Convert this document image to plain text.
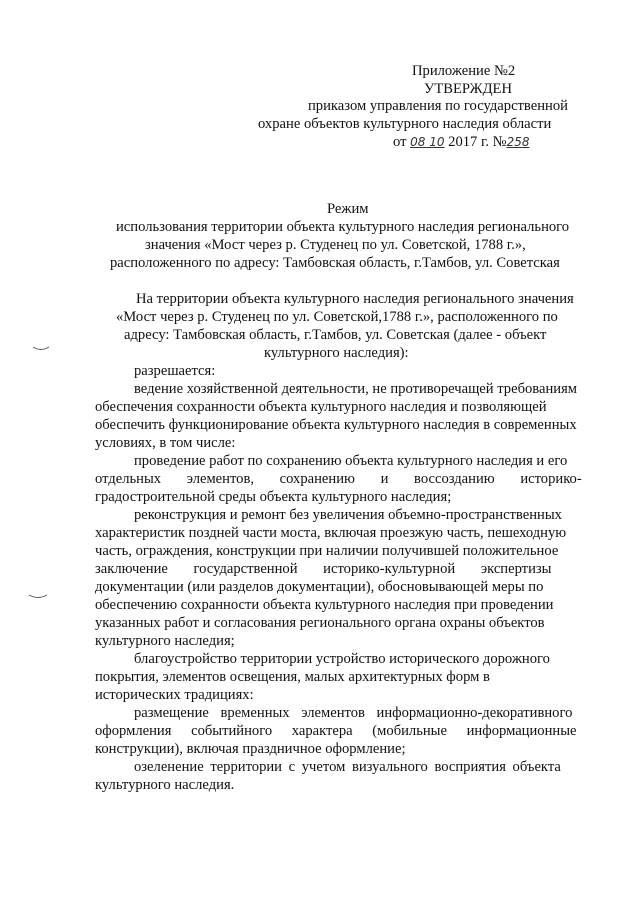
Приложение №2
УТВЕРЖДЕН
приказом управления по государственной
охране объектов культурного наследия области
от 08 10 2017 г. №258
Режим
использования территории объекта культурного наследия регионального
значения «Мост через р. Студенец по ул. Советской, 1788 г.»,
расположенного по адресу: Тамбовская область, г.Тамбов, ул. Советская
На территории объекта культурного наследия регионального значения
«Мост через р. Студенец по ул. Советской,1788 г.», расположенного по
адресу: Тамбовская область, г.Тамбов, ул. Советская (далее - объект
культурного наследия):
разрешается:
ведение хозяйственной деятельности, не противоречащей требованиям
обеспечения сохранности объекта культурного наследия и позволяющей
обеспечить функционирование объекта культурного наследия в современных
условиях, в том числе:
проведение работ по сохранению объекта культурного наследия и его
отдельных элементов, сохранению и воссозданию историко-
градостроительной среды объекта культурного наследия;
реконструкция и ремонт без увеличения объемно-пространственных
характеристик поздней части моста, включая проезжую часть, пешеходную
часть, ограждения, конструкции при наличии получившей положительное
заключение государственной историко-культурной экспертизы
документации (или разделов документации), обосновывающей меры по
обеспечению сохранности объекта культурного наследия при проведении
указанных работ и согласования регионального органа охраны объектов
культурного наследия;
благоустройство территории устройство исторического дорожного
покрытия, элементов освещения, малых архитектурных форм в
исторических традициях:
размещение временных элементов информационно-декоративного
оформления событийного характера (мобильные информационные
конструкции), включая праздничное оформление;
озеленение территории с учетом визуального восприятия объекта
культурного наследия.
